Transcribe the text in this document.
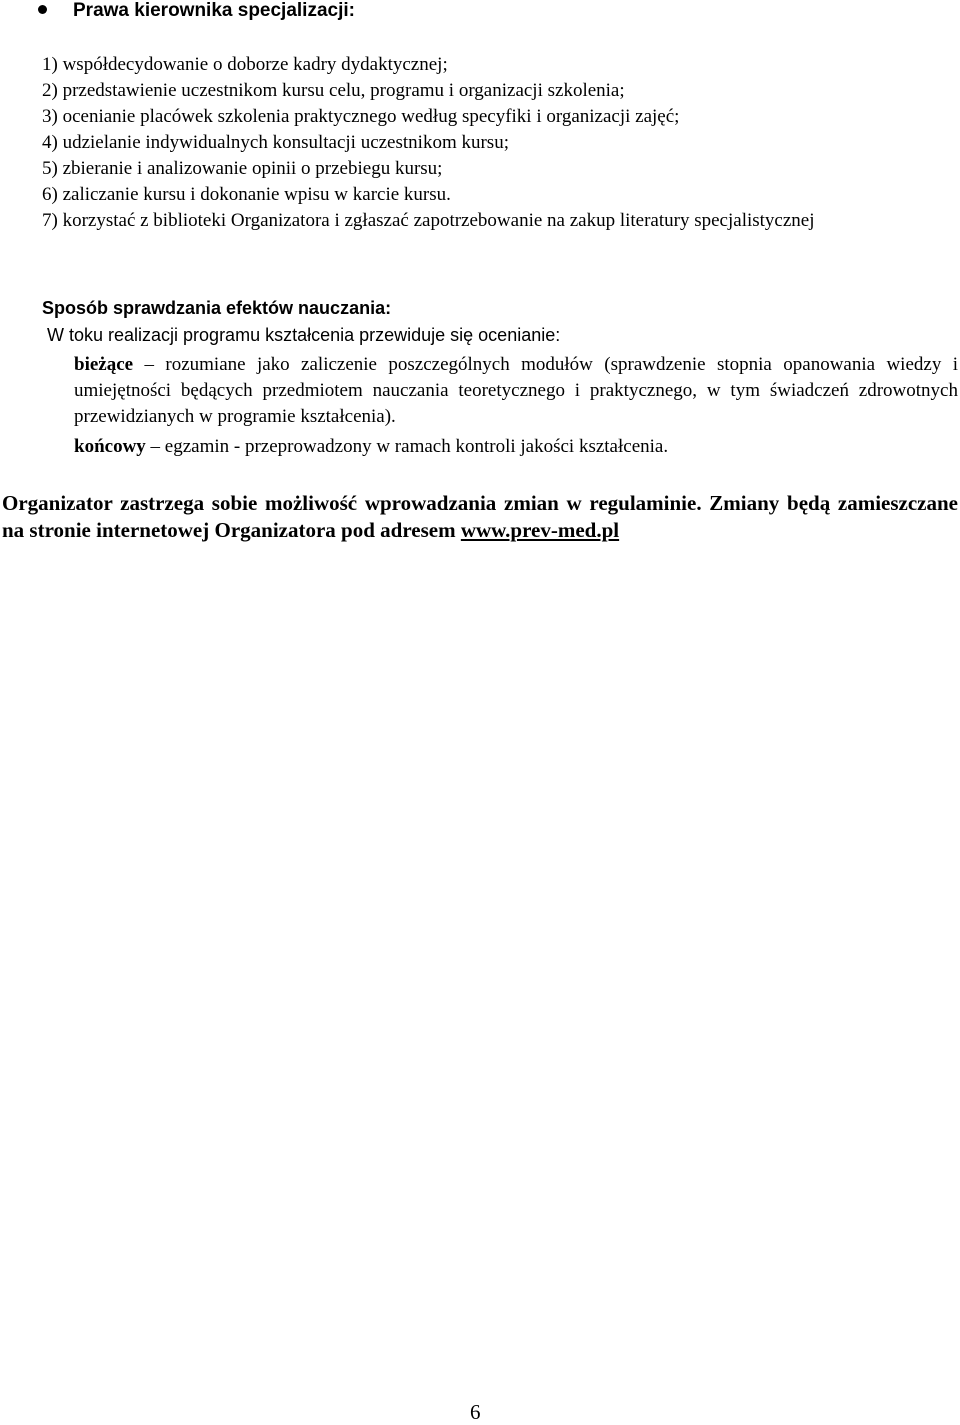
Prawa kierownika specjalizacji:
1) współdecydowanie o doborze kadry dydaktycznej;
2) przedstawienie uczestnikom kursu celu, programu i organizacji szkolenia;
3) ocenianie placówek szkolenia praktycznego według specyfiki i organizacji zajęć;
4) udzielanie indywidualnych konsultacji uczestnikom kursu;
5) zbieranie i analizowanie opinii o przebiegu kursu;
6) zaliczanie kursu i dokonanie wpisu w karcie kursu.
7) korzystać z biblioteki Organizatora i zgłaszać zapotrzebowanie na zakup literatury specjalistycznej
Sposób sprawdzania efektów nauczania:
W toku realizacji programu kształcenia przewiduje się ocenianie:

bieżące – rozumiane jako zaliczenie poszczególnych modułów (sprawdzenie stopnia opanowania wiedzy i umiejętności będących przedmiotem nauczania teoretycznego i praktycznego, w tym świadczeń zdrowotnych przewidzianych w programie kształcenia).

końcowy – egzamin - przeprowadzony w ramach kontroli jakości kształcenia.

Organizator zastrzega sobie możliwość wprowadzania zmian w regulaminie. Zmiany będą zamieszczane na stronie internetowej Organizatora pod adresem www.prev-med.pl

6
